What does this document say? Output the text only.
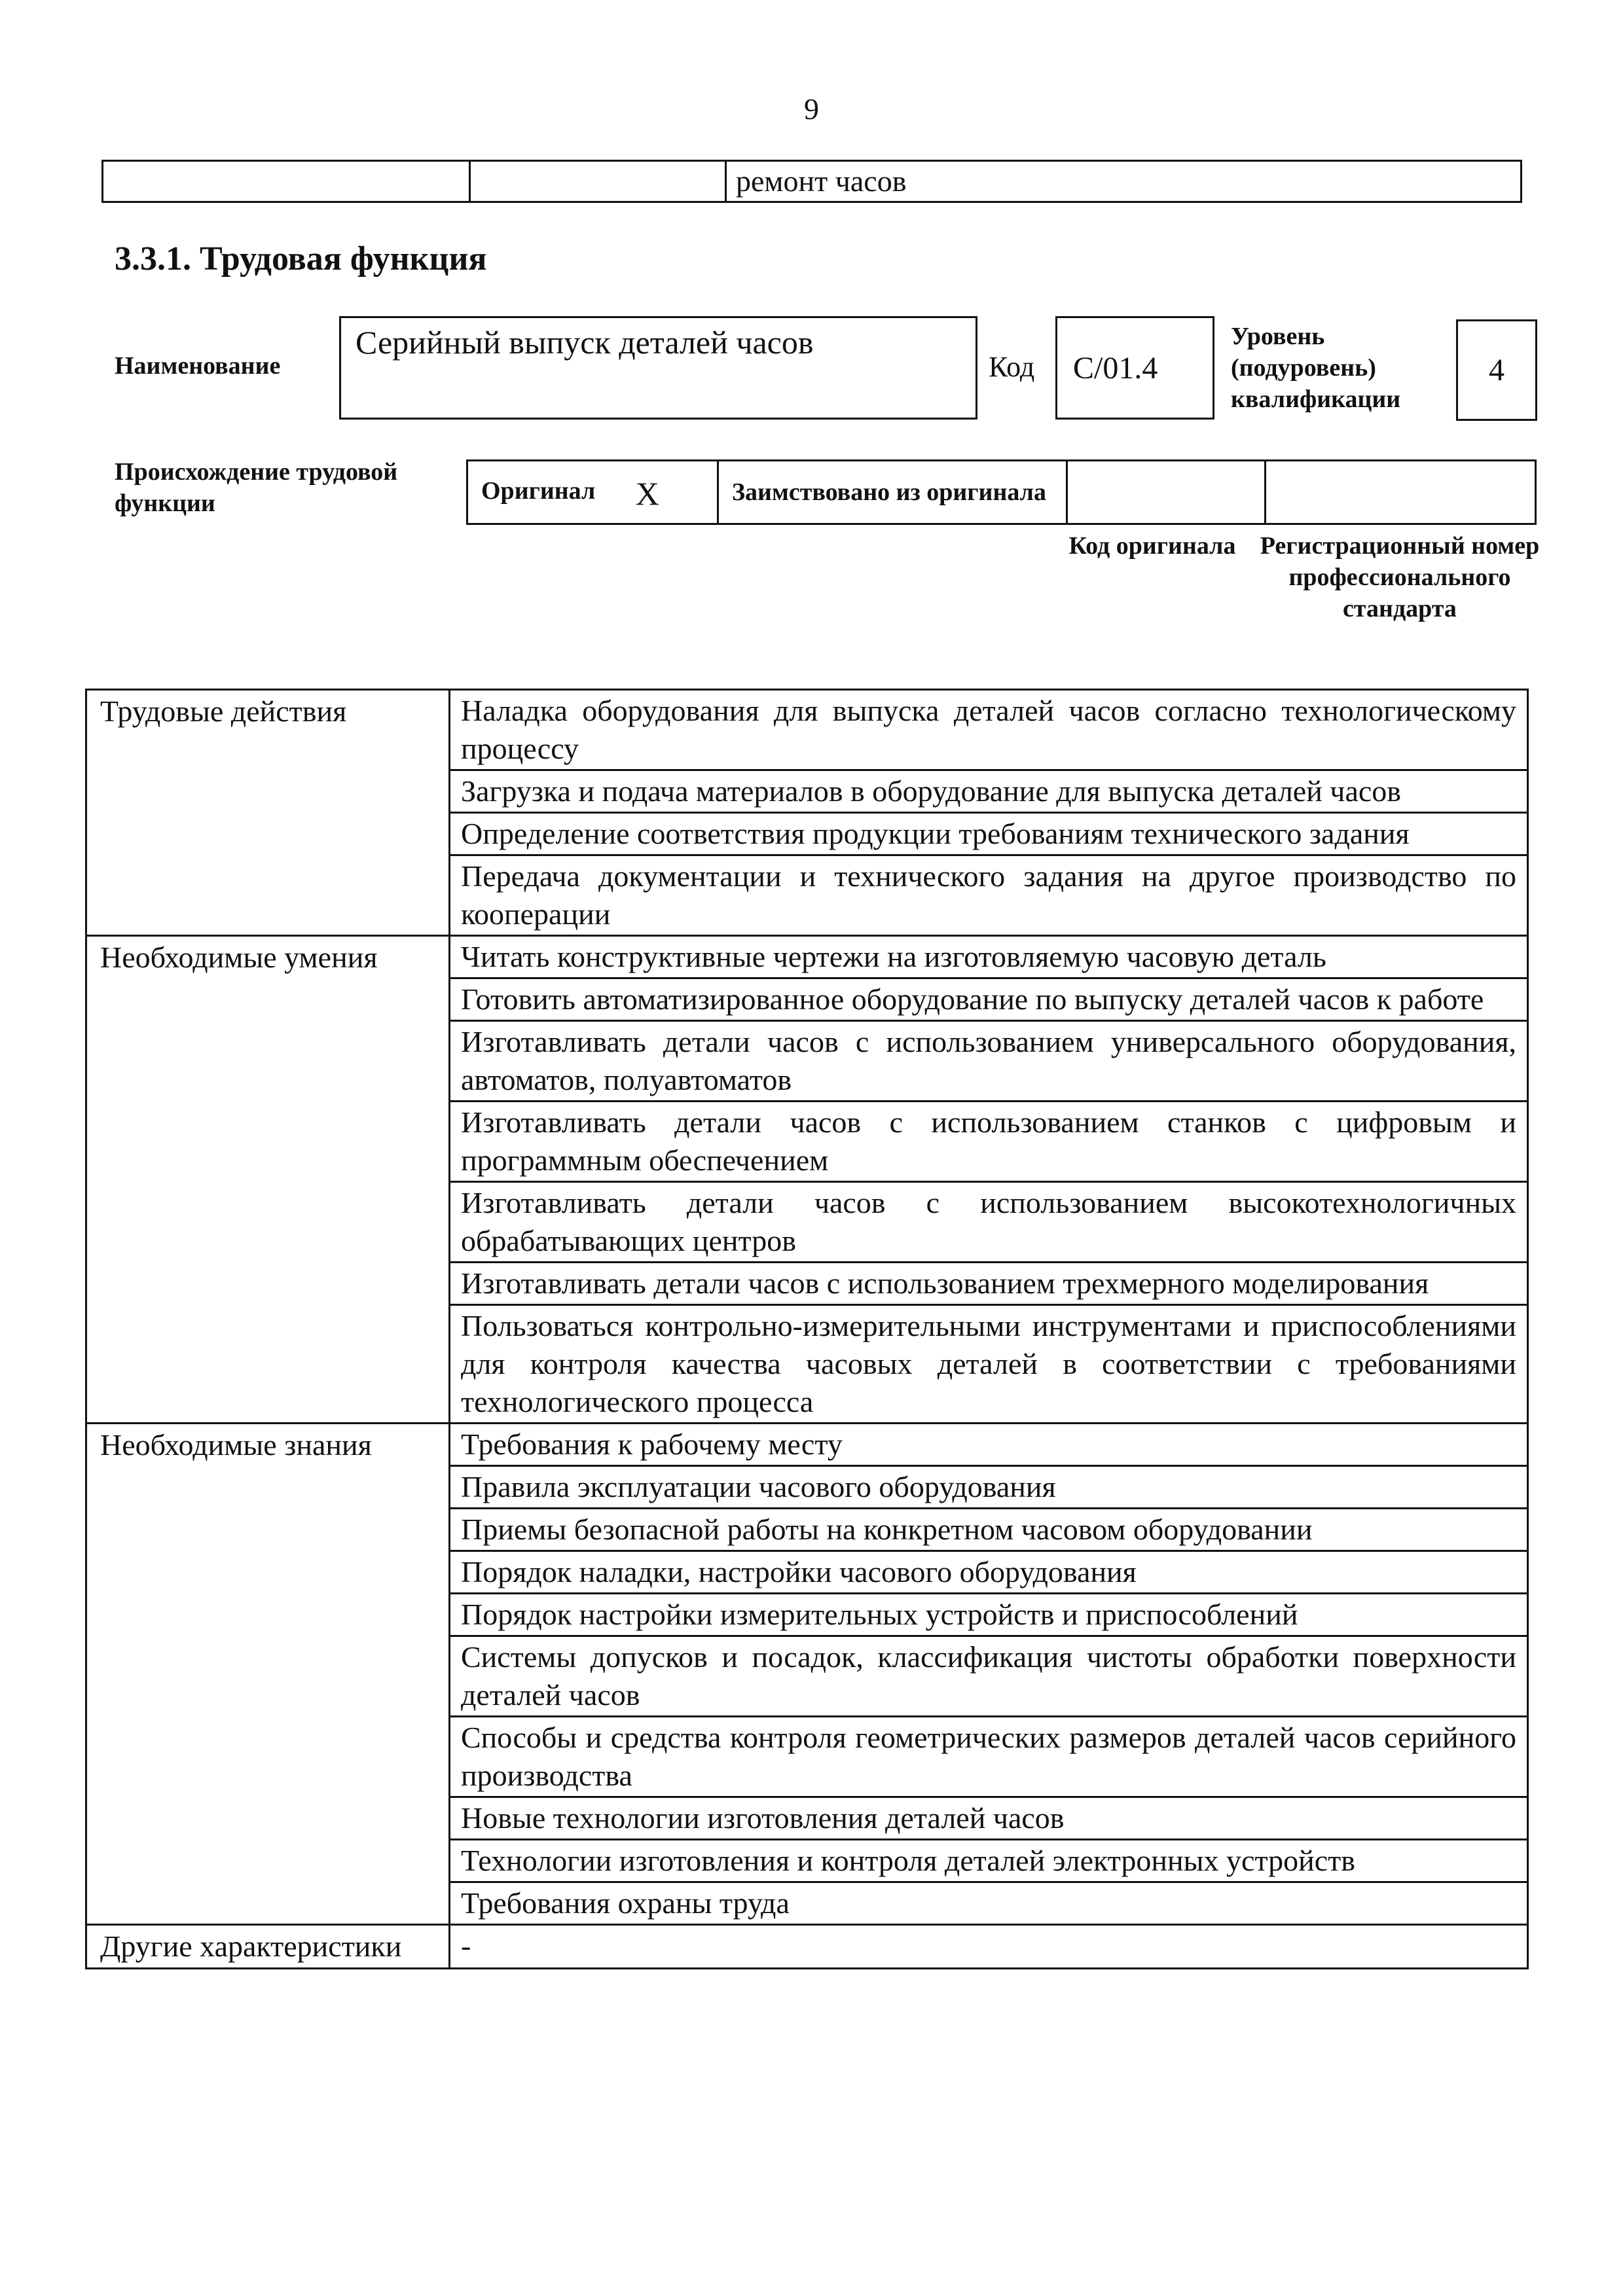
9
		ремонт часов
3.3.1. Трудовая функция
Наименование
Серийный выпуск деталей часов
Код	C/01.4
Уровень (подуровень) квалификации
4
Происхождение трудовой функции	Оригинал X	Заимствовано из оригинала		
Код оригинала Регистрационный номер профессионального стандарта
Трудовые действия	Наладка оборудования для выпуска деталей часов согласно технологическому процессу
	Загрузка и подача материалов в оборудование для выпуска деталей часов
	Определение соответствия продукции требованиям технического задания
	Передача документации и технического задания на другое производство по кооперации
Необходимые умения	Читать конструктивные чертежи на изготовляемую часовую деталь
	Готовить автоматизированное оборудование по выпуску деталей часов к работе
	Изготавливать детали часов с использованием универсального оборудования, автоматов, полуавтоматов
	Изготавливать детали часов с использованием станков с цифровым и программным обеспечением
	Изготавливать детали часов с использованием высокотехнологичных обрабатывающих центров
	Изготавливать детали часов с использованием трехмерного моделирования
	Пользоваться контрольно-измерительными инструментами и приспособлениями для контроля качества часовых деталей в соответствии с требованиями технологического процесса
Необходимые знания	Требования к рабочему месту
	Правила эксплуатации часового оборудования
	Приемы безопасной работы на конкретном часовом оборудовании
	Порядок наладки, настройки часового оборудования
	Порядок настройки измерительных устройств и приспособлений
	Системы допусков и посадок, классификация чистоты обработки поверхности деталей часов
	Способы и средства контроля геометрических размеров деталей часов серийного производства
	Новые технологии изготовления деталей часов
	Технологии изготовления и контроля деталей электронных устройств
	Требования охраны труда
Другие характеристики	-
